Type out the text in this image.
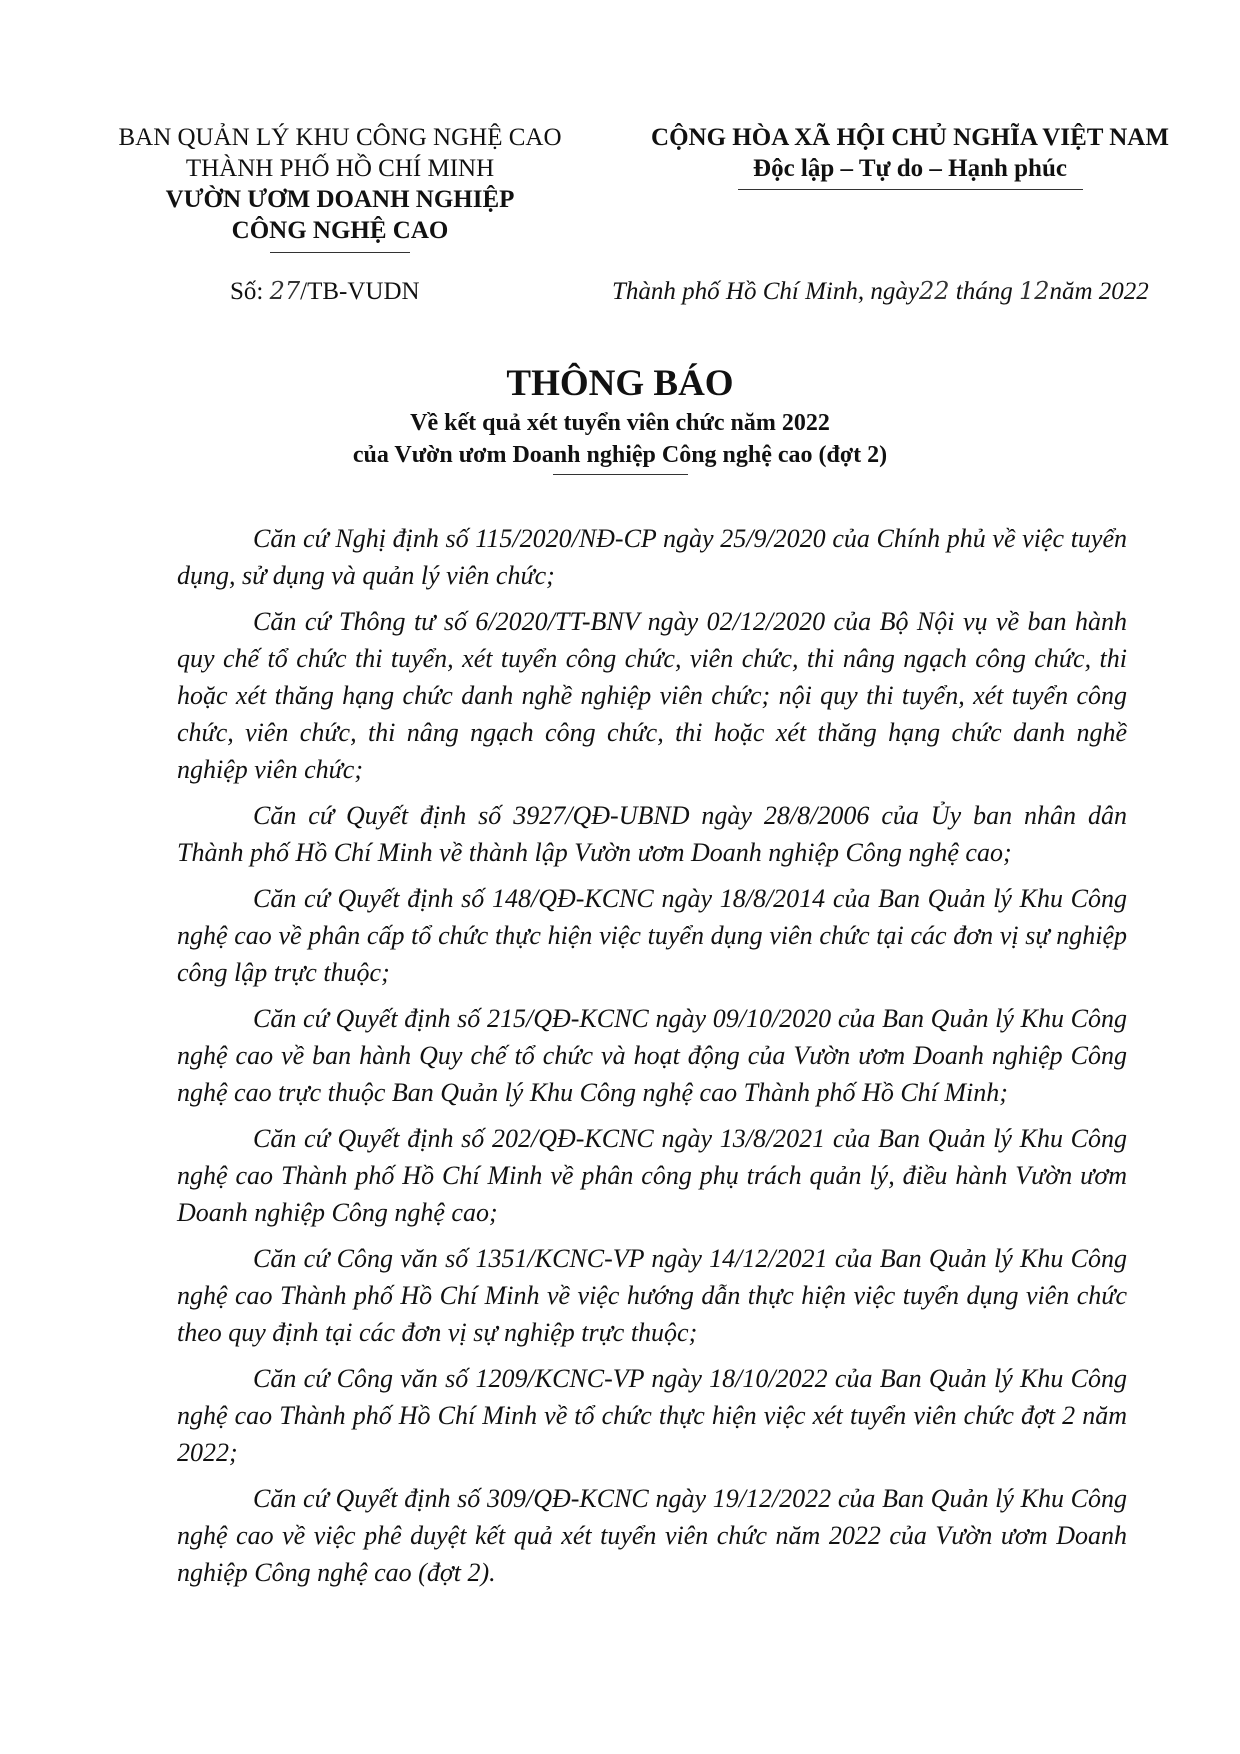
BAN QUẢN LÝ KHU CÔNG NGHỆ CAO
THÀNH PHỐ HỒ CHÍ MINH
VƯỜN ƯƠM DOANH NGHIỆP
CÔNG NGHỆ CAO
CỘNG HÒA XÃ HỘI CHỦ NGHĨA VIỆT NAM
Độc lập – Tự do – Hạnh phúc
Số: 27/TB-VUDN	Thành phố Hồ Chí Minh, ngày22 tháng 12năm 2022
THÔNG BÁO
Về kết quả xét tuyển viên chức năm 2022
của Vườn ươm Doanh nghiệp Công nghệ cao (đợt 2)

Căn cứ Nghị định số 115/2020/NĐ-CP ngày 25/9/2020 của Chính phủ về việc tuyển dụng, sử dụng và quản lý viên chức;

Căn cứ Thông tư số 6/2020/TT-BNV ngày 02/12/2020 của Bộ Nội vụ về ban hành quy chế tổ chức thi tuyển, xét tuyển công chức, viên chức, thi nâng ngạch công chức, thi hoặc xét thăng hạng chức danh nghề nghiệp viên chức; nội quy thi tuyển, xét tuyển công chức, viên chức, thi nâng ngạch công chức, thi hoặc xét thăng hạng chức danh nghề nghiệp viên chức;

Căn cứ Quyết định số 3927/QĐ-UBND ngày 28/8/2006 của Ủy ban nhân dân Thành phố Hồ Chí Minh về thành lập Vườn ươm Doanh nghiệp Công nghệ cao;

Căn cứ Quyết định số 148/QĐ-KCNC ngày 18/8/2014 của Ban Quản lý Khu Công nghệ cao về phân cấp tổ chức thực hiện việc tuyển dụng viên chức tại các đơn vị sự nghiệp công lập trực thuộc;

Căn cứ Quyết định số 215/QĐ-KCNC ngày 09/10/2020 của Ban Quản lý Khu Công nghệ cao về ban hành Quy chế tổ chức và hoạt động của Vườn ươm Doanh nghiệp Công nghệ cao trực thuộc Ban Quản lý Khu Công nghệ cao Thành phố Hồ Chí Minh;

Căn cứ Quyết định số 202/QĐ-KCNC ngày 13/8/2021 của Ban Quản lý Khu Công nghệ cao Thành phố Hồ Chí Minh về phân công phụ trách quản lý, điều hành Vườn ươm Doanh nghiệp Công nghệ cao;

Căn cứ Công văn số 1351/KCNC-VP ngày 14/12/2021 của Ban Quản lý Khu Công nghệ cao Thành phố Hồ Chí Minh về việc hướng dẫn thực hiện việc tuyển dụng viên chức theo quy định tại các đơn vị sự nghiệp trực thuộc;

Căn cứ Công văn số 1209/KCNC-VP ngày 18/10/2022 của Ban Quản lý Khu Công nghệ cao Thành phố Hồ Chí Minh về tổ chức thực hiện việc xét tuyển viên chức đợt 2 năm 2022;

Căn cứ Quyết định số 309/QĐ-KCNC ngày 19/12/2022 của Ban Quản lý Khu Công nghệ cao về việc phê duyệt kết quả xét tuyển viên chức năm 2022 của Vườn ươm Doanh nghiệp Công nghệ cao (đợt 2).
